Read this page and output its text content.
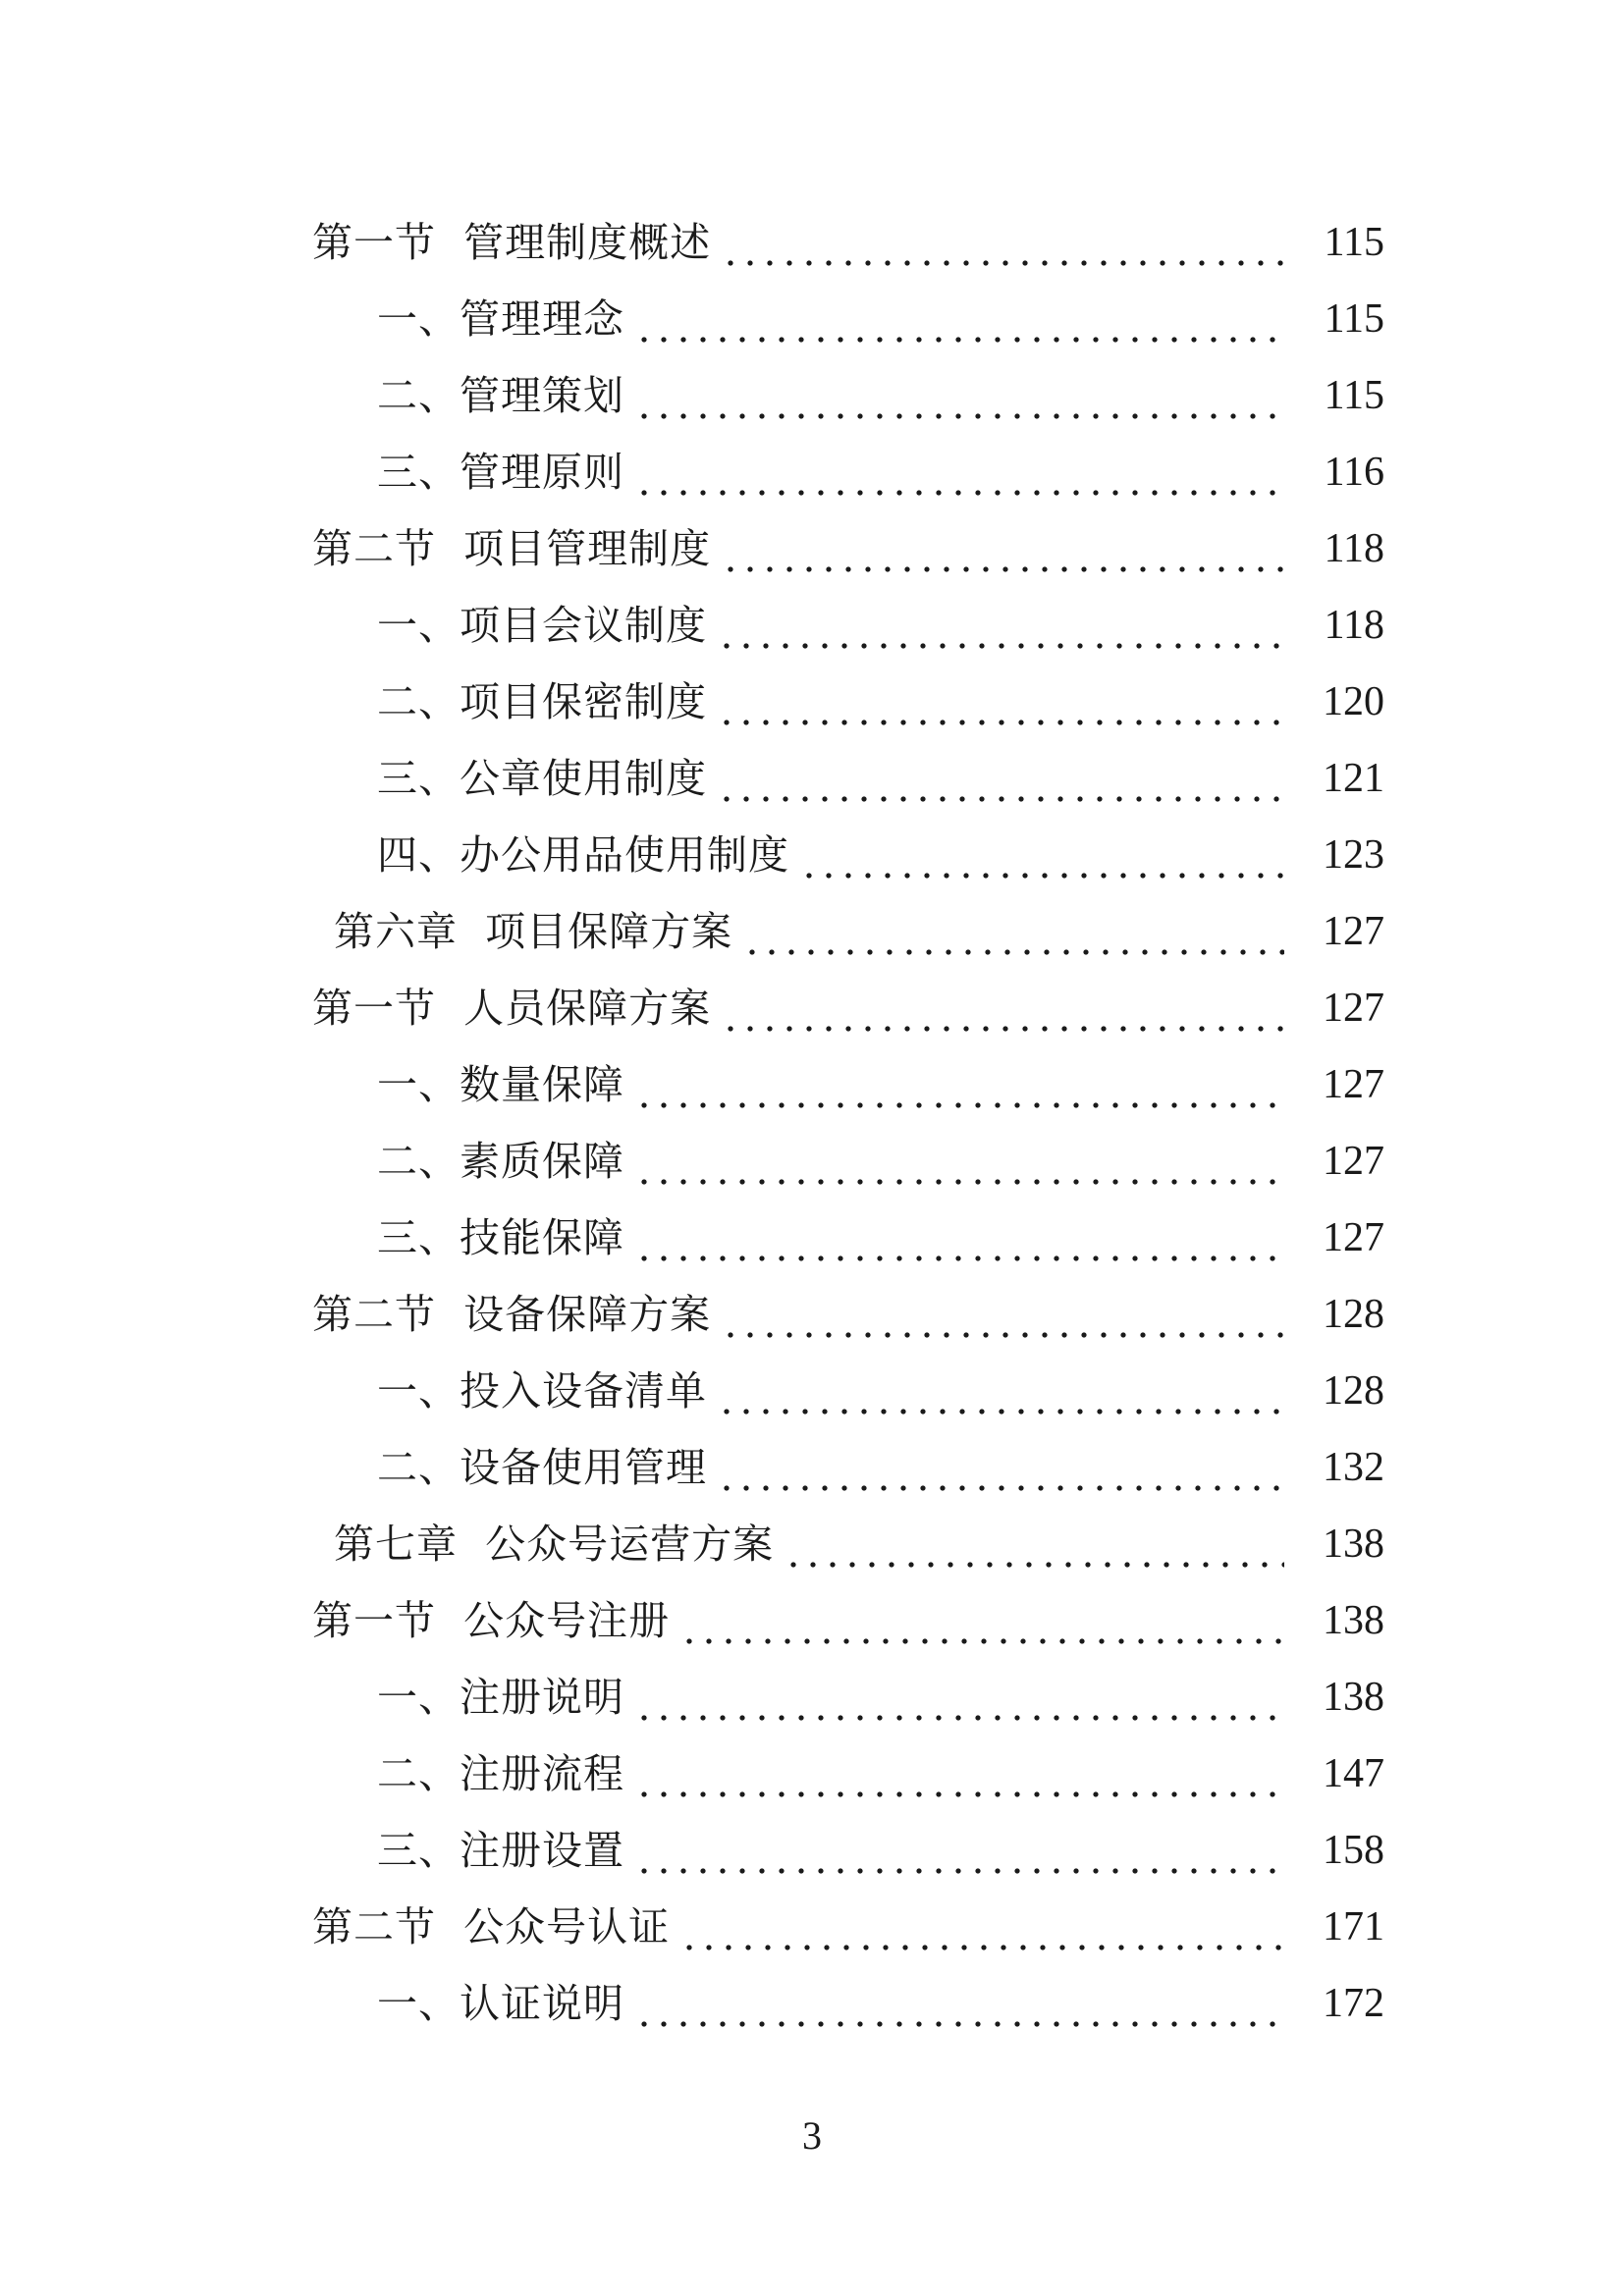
第一节  管理制度概述	115
一、管理理念	115
二、管理策划	115
三、管理原则	116
第二节  项目管理制度	118
一、项目会议制度	118
二、项目保密制度	120
三、公章使用制度	121
四、办公用品使用制度	123
第六章  项目保障方案	127
第一节  人员保障方案	127
一、数量保障	127
二、素质保障	127
三、技能保障	127
第二节  设备保障方案	128
一、投入设备清单	128
二、设备使用管理	132
第七章  公众号运营方案	138
第一节  公众号注册	138
一、注册说明	138
二、注册流程	147
三、注册设置	158
第二节  公众号认证	171
一、认证说明	172
3
